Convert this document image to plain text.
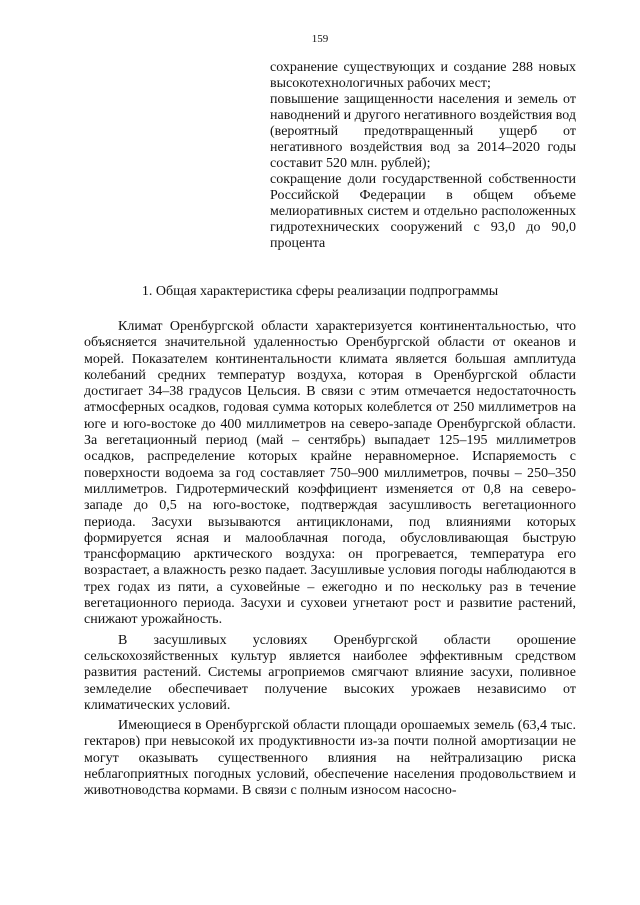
159

сохранение существующих и создание 288 новых высокотехнологичных рабочих мест;

повышение защищенности населения и земель от наводнений и другого негативного воздействия вод (вероятный предотвращенный ущерб от негативного воздействия вод за 2014–2020 годы составит 520 млн. рублей);

сокращение доли государственной собственности Российской Федерации в общем объеме мелиоративных систем и отдельно расположенных гидротехнических сооружений с 93,0 до 90,0 процента

1. Общая характеристика сферы реализации подпрограммы

Климат Оренбургской области характеризуется континентальностью, что объясняется значительной удаленностью Оренбургской области от океанов и морей. Показателем континентальности климата является большая амплитуда колебаний средних температур воздуха, которая в Оренбургской области достигает 34–38 градусов Цельсия. В связи с этим отмечается недостаточность атмосферных осадков, годовая сумма которых колеблется от 250 миллиметров на юге и юго-востоке до 400 миллиметров на северо-западе Оренбургской области. За вегетационный период (май – сентябрь) выпадает 125–195 миллиметров осадков, распределение которых крайне неравномерное. Испаряемость с поверхности водоема за год составляет 750–900 миллиметров, почвы – 250–350 миллиметров. Гидротермический коэффициент изменяется от 0,8 на северо-западе до 0,5 на юго-востоке, подтверждая засушливость вегетационного периода. Засухи вызываются антициклонами, под влияниями которых формируется ясная и малооблачная погода, обусловливающая быструю трансформацию арктического воздуха: он прогревается, температура его возрастает, а влажность резко падает. Засушливые условия погоды наблюдаются в трех годах из пяти, а суховейные – ежегодно и по нескольку раз в течение вегетационного периода. Засухи и суховеи угнетают рост и развитие растений, снижают урожайность.

В засушливых условиях Оренбургской области орошение сельскохозяйственных культур является наиболее эффективным средством развития растений. Системы агроприемов смягчают влияние засухи, поливное земледелие обеспечивает получение высоких урожаев независимо от климатических условий.

Имеющиеся в Оренбургской области площади орошаемых земель (63,4 тыс. гектаров) при невысокой их продуктивности из-за почти полной амортизации не могут оказывать существенного влияния на нейтрализацию риска неблагоприятных погодных условий, обеспечение населения продовольствием и животноводства кормами. В связи с полным износом насосно-
